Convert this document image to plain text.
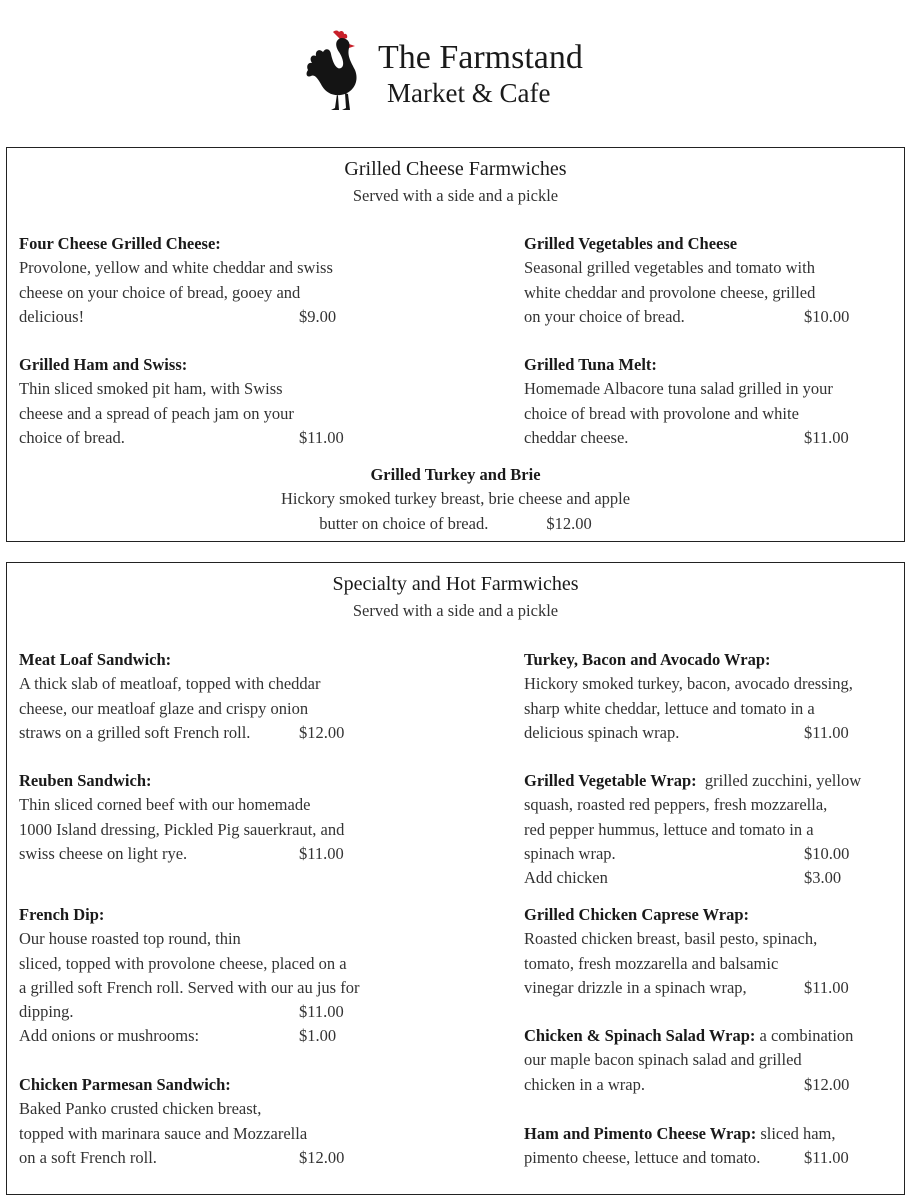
The Farmstand
Market & Cafe
Grilled Cheese Farmwiches
Served with a side and a pickle
Four Cheese Grilled Cheese:
Provolone, yellow and white cheddar and swiss
cheese on your choice of bread, gooey and
delicious!	$9.00
Grilled Vegetables and Cheese
Seasonal grilled vegetables and tomato with
white cheddar and provolone cheese, grilled
on your choice of bread.	$10.00
Grilled Ham and Swiss:
Thin sliced smoked pit ham, with Swiss
cheese and a spread of peach jam on your
choice of bread.	$11.00
Grilled Tuna Melt:
Homemade Albacore tuna salad grilled in your
choice of bread with provolone and white
cheddar cheese.	$11.00
Grilled Turkey and Brie
Hickory smoked turkey breast, brie cheese and apple
butter on choice of bread.	$12.00
Specialty and Hot Farmwiches
Served with a side and a pickle
Meat Loaf Sandwich:
A thick slab of meatloaf, topped with cheddar
cheese, our meatloaf glaze and crispy onion
straws on a grilled soft French roll.	$12.00
Reuben Sandwich:
Thin sliced corned beef with our homemade
1000 Island dressing, Pickled Pig sauerkraut, and
swiss cheese on light rye.	$11.00
French Dip:
Our house roasted top round, thin
sliced, topped with provolone cheese, placed on a
a grilled soft French roll. Served with our au jus for
dipping.	$11.00
Add onions or mushrooms:	$1.00
Chicken Parmesan Sandwich:
Baked Panko crusted chicken breast,
topped with marinara sauce and Mozzarella
on a soft French roll.	$12.00
Turkey, Bacon and Avocado Wrap:
Hickory smoked turkey, bacon, avocado dressing,
sharp white cheddar, lettuce and tomato in a
delicious spinach wrap.	$11.00
Grilled Vegetable Wrap: grilled zucchini, yellow
squash, roasted red peppers, fresh mozzarella,
red pepper hummus, lettuce and tomato in a
spinach wrap.	$10.00
Add chicken	$3.00
Grilled Chicken Caprese Wrap:
Roasted chicken breast, basil pesto, spinach,
tomato, fresh mozzarella and balsamic
vinegar drizzle in a spinach wrap,	$11.00
Chicken & Spinach Salad Wrap: a combination
our maple bacon spinach salad and grilled
chicken in a wrap.	$12.00
Ham and Pimento Cheese Wrap: sliced ham,
pimento cheese, lettuce and tomato.	$11.00
